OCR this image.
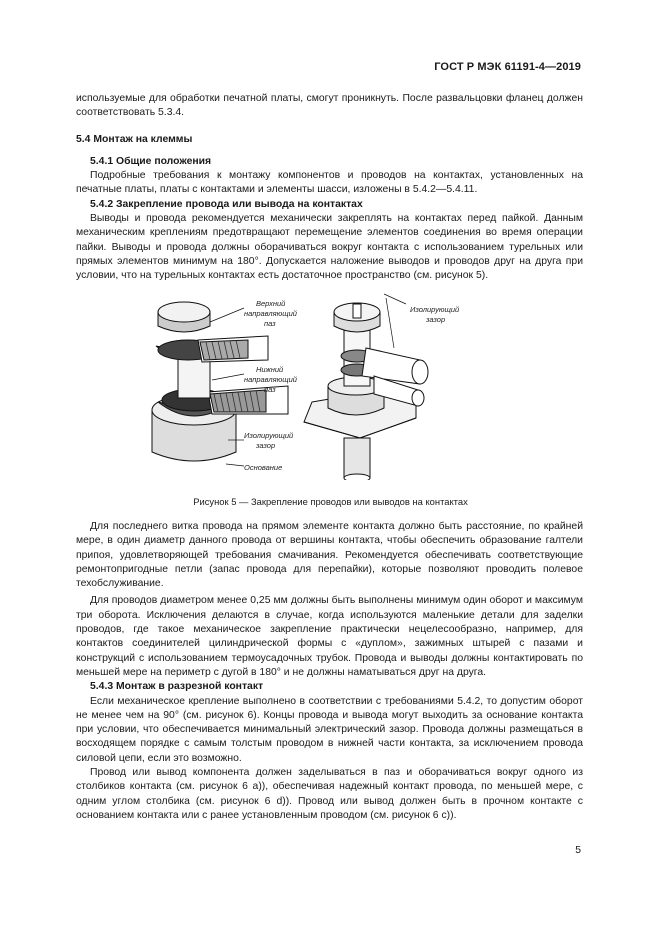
ГОСТ Р МЭК 61191-4—2019

используемые для обработки печатной платы, смогут проникнуть. После развальцовки фланец должен соответствовать 5.3.4.

5.4 Монтаж на клеммы

5.4.1 Общие положения

Подробные требования к монтажу компонентов и проводов на контактах, установленных на печатные платы, платы с контактами и элементы шасси, изложены в 5.4.2—5.4.11.

5.4.2 Закрепление провода или вывода на контактах

Выводы и провода рекомендуется механически закреплять на контактах перед пайкой. Данным механическим креплениям предотвращают перемещение элементов соединения во время операции пайки. Выводы и провода должны оборачиваться вокруг контакта с использованием турельных или прямых элементов минимум на 180°. Допускается наложение выводов и проводов друг на друга при условии, что на турельных контактах есть достаточное пространство (см. рисунок 5).

Верхний
направляющий
паз
Нижний
направляющий
паз
Изолирующий
зазор
Основание
Изолирующий
зазор
Рисунок 5 — Закрепление проводов или выводов на контактах

Для последнего витка провода на прямом элементе контакта должно быть расстояние, по крайней мере, в один диаметр данного провода от вершины контакта, чтобы обеспечить образование галтели припоя, удовлетворяющей требования смачивания. Рекомендуется обеспечивать соответствующие ремонтопригодные петли (запас провода для перепайки), которые позволяют проводить полевое техобслуживание.

Для проводов диаметром менее 0,25 мм должны быть выполнены минимум один оборот и максимум три оборота. Исключения делаются в случае, когда используются маленькие детали для заделки проводов, где такое механическое закрепление практически нецелесообразно, например, для контактов соединителей цилиндрической формы с «дуплом», зажимных штырей с пазами и конструкций с использованием термоусадочных трубок. Провода и выводы должны контактировать по меньшей мере на периметр с дугой в 180° и не должны наматываться друг на друга.

5.4.3 Монтаж в разрезной контакт

Если механическое крепление выполнено в соответствии с требованиями 5.4.2, то допустим оборот не менее чем на 90° (см. рисунок 6). Концы провода и вывода могут выходить за основание контакта при условии, что обеспечивается минимальный электрический зазор. Провода должны размещаться в восходящем порядке с самым толстым проводом в нижней части контакта, за исключением провода силовой цепи, если это возможно.

Провод или вывод компонента должен заделываться в паз и оборачиваться вокруг одного из столбиков контакта (см. рисунок 6 a)), обеспечивая надежный контакт провода, по меньшей мере, с одним углом столбика (см. рисунок 6 d)). Провод или вывод должен быть в прочном контакте с основанием контакта или с ранее установленным проводом (см. рисунок 6 c)).

5
